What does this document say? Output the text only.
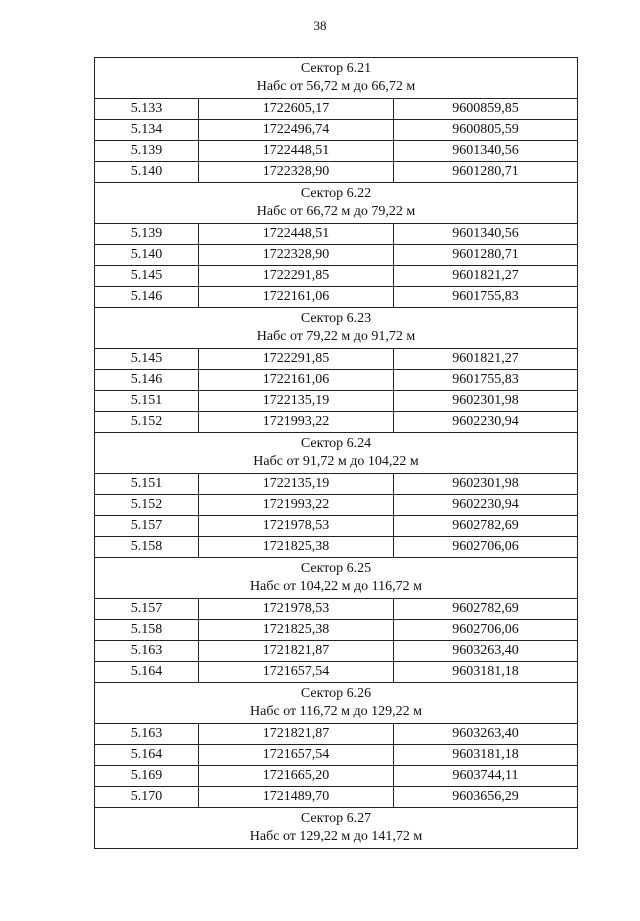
38
Сектор 6.21
Набс от 56,72 м до 66,72 м		

5.133	1722605,17	9600859,85
5.134	1722496,74	9600805,59
5.139	1722448,51	9601340,56
5.140	1722328,90	9601280,71

Сектор 6.22
Набс от 66,72 м до 79,22 м		

5.139	1722448,51	9601340,56
5.140	1722328,90	9601280,71
5.145	1722291,85	9601821,27
5.146	1722161,06	9601755,83

Сектор 6.23
Набс от 79,22 м до 91,72 м		

5.145	1722291,85	9601821,27
5.146	1722161,06	9601755,83
5.151	1722135,19	9602301,98
5.152	1721993,22	9602230,94

Сектор 6.24
Набс от 91,72 м до 104,22 м		

5.151	1722135,19	9602301,98
5.152	1721993,22	9602230,94
5.157	1721978,53	9602782,69
5.158	1721825,38	9602706,06

Сектор 6.25
Набс от 104,22 м до 116,72 м		

5.157	1721978,53	9602782,69
5.158	1721825,38	9602706,06
5.163	1721821,87	9603263,40
5.164	1721657,54	9603181,18

Сектор 6.26
Набс от 116,72 м до 129,22 м		

5.163	1721821,87	9603263,40
5.164	1721657,54	9603181,18
5.169	1721665,20	9603744,11
5.170	1721489,70	9603656,29

Сектор 6.27
Набс от 129,22 м до 141,72 м		
